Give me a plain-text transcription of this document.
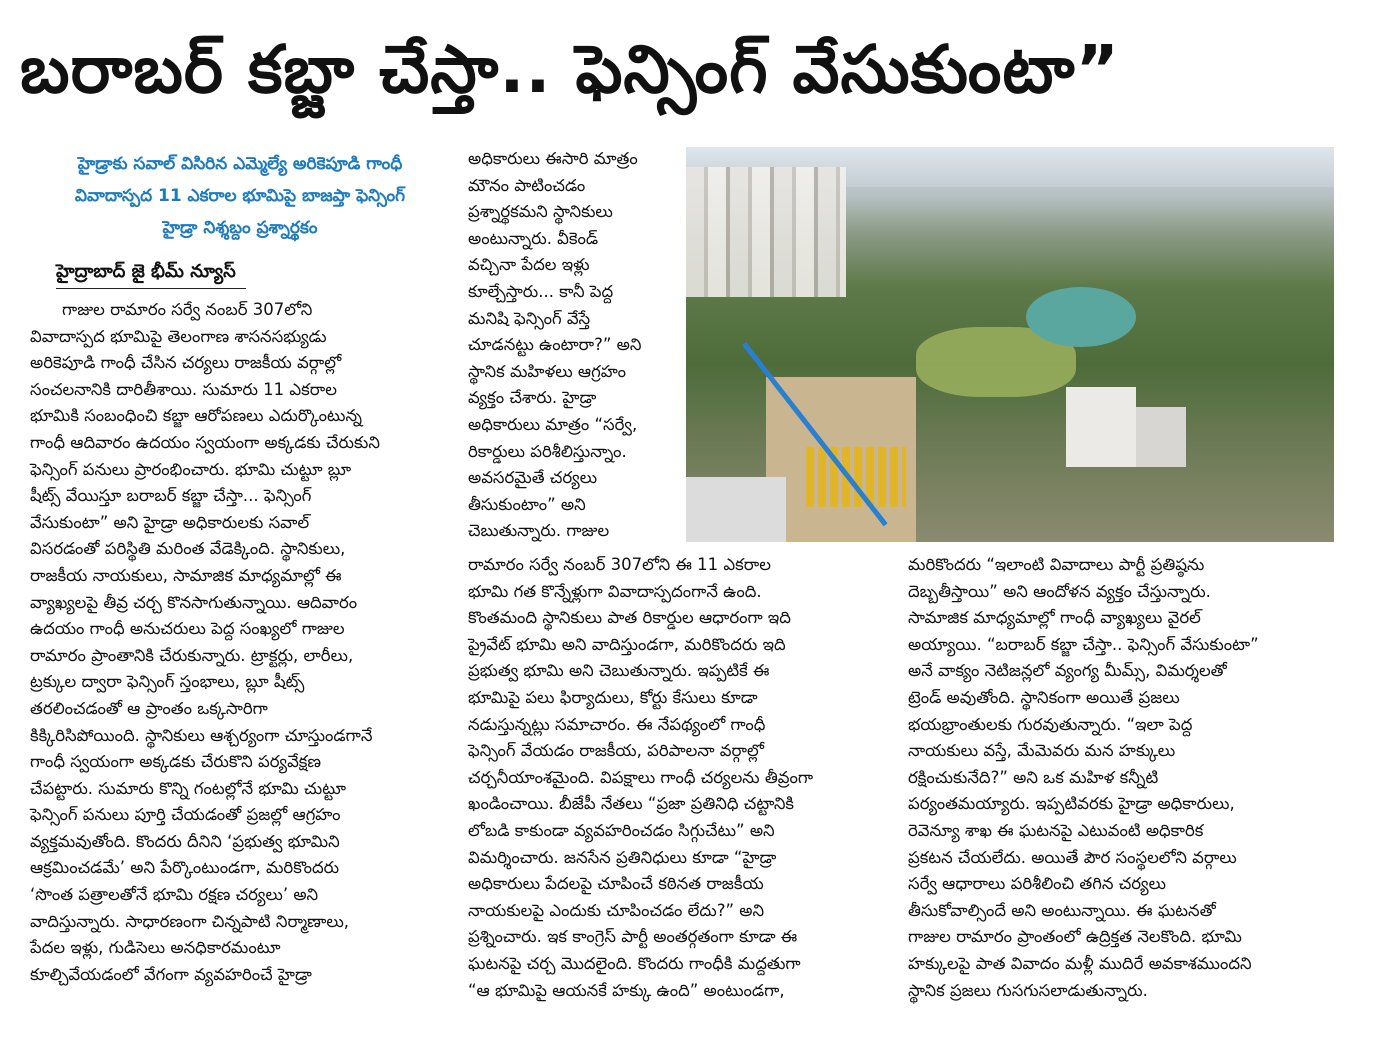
బరాబర్ కబ్జా చేస్తా.. ఫెన్సింగ్ వేసుకుంటా”
హైడ్రాకు సవాల్ విసిరిన ఎమ్మెల్యే అరికెపూడి గాంధీ
వివాదాస్పద 11 ఎకరాల భూమిపై బాజప్తా ఫెన్సింగ్
హైడ్రా నిశ్శబ్దం ప్రశ్నార్థకం
హైద్రాబాద్ జై భీమ్ న్యూస్
గాజుల రామారం సర్వే నంబర్ 307లోని
వివాదాస్పద భూమిపై తెలంగాణ శాసనసభ్యుడు
అరికెపూడి గాంధీ చేసిన చర్యలు రాజకీయ వర్గాల్లో
సంచలనానికి దారితీశాయి. సుమారు 11 ఎకరాల
భూమికి సంబంధించి కబ్జా ఆరోపణలు ఎదుర్కొంటున్న
గాంధీ ఆదివారం ఉదయం స్వయంగా అక్కడకు చేరుకుని
ఫెన్సింగ్ పనులు ప్రారంభించారు. భూమి చుట్టూ బ్లూ
షీట్స్ వేయిస్తూ బరాబర్ కబ్జా చేస్తా... ఫెన్సింగ్
వేసుకుంటా” అని హైడ్రా అధికారులకు సవాల్
విసరడంతో పరిస్థితి మరింత వేడెక్కింది. స్థానికులు,
రాజకీయ నాయకులు, సామాజిక మాధ్యమాల్లో ఈ
వ్యాఖ్యలపై తీవ్ర చర్చ కొనసాగుతున్నాయి. ఆదివారం
ఉదయం గాంధీ అనుచరులు పెద్ద సంఖ్యలో గాజుల
రామారం ప్రాంతానికి చేరుకున్నారు. ట్రాక్టర్లు, లారీలు,
ట్రక్కుల ద్వారా ఫెన్సింగ్ స్తంభాలు, బ్లూ షీట్స్
తరలించడంతో ఆ ప్రాంతం ఒక్కసారిగా
కిక్కిరిసిపోయింది. స్థానికులు ఆశ్చర్యంగా చూస్తుండగానే
గాంధీ స్వయంగా అక్కడకు చేరుకొని పర్యవేక్షణ
చేపట్టారు. సుమారు కొన్ని గంటల్లోనే భూమి చుట్టూ
ఫెన్సింగ్ పనులు పూర్తి చేయడంతో ప్రజల్లో ఆగ్రహం
వ్యక్తమవుతోంది. కొందరు దీనిని ‘ప్రభుత్వ భూమిని
ఆక్రమించడమే’ అని పేర్కొంటుండగా, మరికొందరు
‘సొంత పత్రాలతోనే భూమి రక్షణ చర్యలు’ అని
వాదిస్తున్నారు. సాధారణంగా చిన్నపాటి నిర్మాణాలు,
పేదల ఇళ్లు, గుడిసెలు అనధికారమంటూ
కూల్చివేయడంలో వేగంగా వ్యవహరించే హైడ్రా
అధికారులు ఈసారి మాత్రం
మౌనం పాటించడం
ప్రశ్నార్థకమని స్థానికులు
అంటున్నారు. వీకెండ్
వచ్చినా పేదల ఇళ్లు
కూల్చేస్తారు... కానీ పెద్ద
మనిషి ఫెన్సింగ్ వేస్తే
చూడనట్టు ఉంటారా?” అని
స్థానిక మహిళలు ఆగ్రహం
వ్యక్తం చేశారు. హైడ్రా
అధికారులు మాత్రం “సర్వే,
రికార్డులు పరిశీలిస్తున్నాం.
అవసరమైతే చర్యలు
తీసుకుంటాం” అని
చెబుతున్నారు. గాజుల
రామారం సర్వే నంబర్ 307లోని ఈ 11 ఎకరాల
భూమి గత కొన్నేళ్లుగా వివాదాస్పదంగానే ఉంది.
కొంతమంది స్థానికులు పాత రికార్డుల ఆధారంగా ఇది
ప్రైవేట్ భూమి అని వాదిస్తుండగా, మరికొందరు ఇది
ప్రభుత్వ భూమి అని చెబుతున్నారు. ఇప్పటికే ఈ
భూమిపై పలు ఫిర్యాదులు, కోర్టు కేసులు కూడా
నడుస్తున్నట్లు సమాచారం. ఈ నేపథ్యంలో గాంధీ
ఫెన్సింగ్ వేయడం రాజకీయ, పరిపాలనా వర్గాల్లో
చర్చనీయాంశమైంది. విపక్షాలు గాంధీ చర్యలను తీవ్రంగా
ఖండించాయి. బీజేపీ నేతలు “ప్రజా ప్రతినిధి చట్టానికి
లోబడి కాకుండా వ్యవహరించడం సిగ్గుచేటు” అని
విమర్శించారు. జనసేన ప్రతినిధులు కూడా “హైడ్రా
అధికారులు పేదలపై చూపించే కఠినత రాజకీయ
నాయకులపై ఎందుకు చూపించడం లేదు?” అని
ప్రశ్నించారు. ఇక కాంగ్రెస్ పార్టీ అంతర్గతంగా కూడా ఈ
ఘటనపై చర్చ మొదలైంది. కొందరు గాంధీకి మద్దతుగా
“ఆ భూమిపై ఆయనకే హక్కు ఉంది” అంటుండగా,
మరికొందరు “ఇలాంటి వివాదాలు పార్టీ ప్రతిష్ఠను
దెబ్బతీస్తాయి” అని ఆందోళన వ్యక్తం చేస్తున్నారు.
సామాజిక మాధ్యమాల్లో గాంధీ వ్యాఖ్యలు వైరల్
అయ్యాయి. “బరాబర్ కబ్జా చేస్తా.. ఫెన్సింగ్ వేసుకుంటా”
అనే వాక్యం నెటిజన్లలో వ్యంగ్య మీమ్స్, విమర్శలతో
ట్రెండ్ అవుతోంది. స్థానికంగా అయితే ప్రజలు
భయభ్రాంతులకు గురవుతున్నారు. “ఇలా పెద్ద
నాయకులు వస్తే, మేమెవరు మన హక్కులు
రక్షించుకునేది?” అని ఒక మహిళ కన్నీటి
పర్యంతమయ్యారు. ఇప్పటివరకు హైడ్రా అధికారులు,
రెవెన్యూ శాఖ ఈ ఘటనపై ఎటువంటి అధికారిక
ప్రకటన చేయలేదు. అయితే పౌర సంస్థలలోని వర్గాలు
సర్వే ఆధారాలు పరిశీలించి తగిన చర్యలు
తీసుకోవాల్సిందే అని అంటున్నాయి. ఈ ఘటనతో
గాజుల రామారం ప్రాంతంలో ఉద్రిక్తత నెలకొంది. భూమి
హక్కులపై పాత వివాదం మళ్లీ ముదిరే అవకాశముందని
స్థానిక ప్రజలు గుసగుసలాడుతున్నారు.
